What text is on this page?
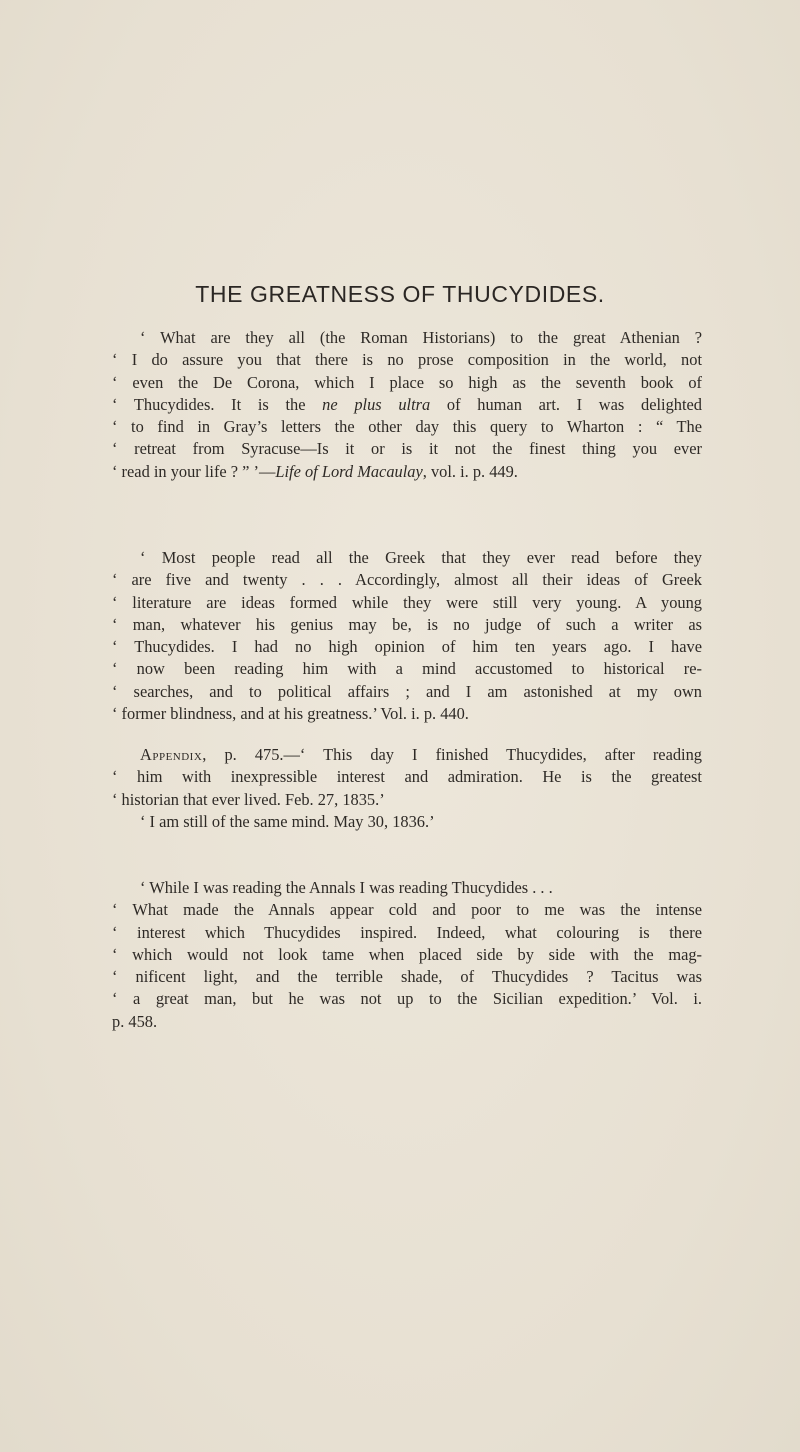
THE GREATNESS OF THUCYDIDES.
‘ What are they all (the Roman Historians) to the great Athenian ?
‘ I do assure you that there is no prose composition in the world, not
‘ even the De Corona, which I place so high as the seventh book of
‘ Thucydides. It is the ne plus ultra of human art. I was delighted
‘ to find in Gray’s letters the other day this query to Wharton : “ The
‘ retreat from Syracuse—Is it or is it not the finest thing you ever
‘ read in your life ? ” ’—Life of Lord Macaulay, vol. i. p. 449.
‘ Most people read all the Greek that they ever read before they
‘ are five and twenty . . . Accordingly, almost all their ideas of Greek
‘ literature are ideas formed while they were still very young. A young
‘ man, whatever his genius may be, is no judge of such a writer as
‘ Thucydides. I had no high opinion of him ten years ago. I have
‘ now been reading him with a mind accustomed to historical re-
‘ searches, and to political affairs ; and I am astonished at my own
‘ former blindness, and at his greatness.’ Vol. i. p. 440.
Appendix, p. 475.—‘ This day I finished Thucydides, after reading
‘ him with inexpressible interest and admiration. He is the greatest
‘ historian that ever lived. Feb. 27, 1835.’
‘ I am still of the same mind. May 30, 1836.’
‘ While I was reading the Annals I was reading Thucydides . . .
‘ What made the Annals appear cold and poor to me was the intense
‘ interest which Thucydides inspired. Indeed, what colouring is there
‘ which would not look tame when placed side by side with the mag-
‘ nificent light, and the terrible shade, of Thucydides ? Tacitus was
‘ a great man, but he was not up to the Sicilian expedition.’ Vol. i.
p. 458.
